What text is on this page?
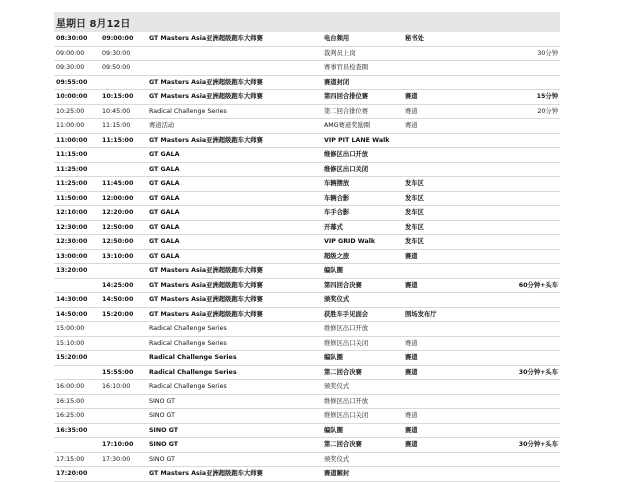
星期日 8月12日
08:30:00	09:00:00	GT Masters Asia亚洲超级跑车大师赛	电台频用	秘书处	
09:00:00	09:30:00		裁判员上岗		30分钟
09:30:00	09:50:00		赛事官员检查圈		
09:55:00		GT Masters Asia亚洲超级跑车大师赛	赛道封闭		
10:00:00	10:15:00	GT Masters Asia亚洲超级跑车大师赛	第四回合排位赛	赛道	15分钟
10:25:00	10:45:00	Radical Challenge Series	第二回合排位赛	赛道	20分钟
11:00:00	11:15:00	赛道活动	AMG赛道奖励圈	赛道	
11:00:00	11:15:00	GT Masters Asia亚洲超级跑车大师赛	VIP PIT LANE Walk		
11:15:00		GT GALA	维修区出口开放		
11:25:00		GT GALA	维修区出口关闭		
11:25:00	11:45:00	GT GALA	车辆摆放	发车区	
11:50:00	12:00:00	GT GALA	车辆合影	发车区	
12:10:00	12:20:00	GT GALA	车手合影	发车区	
12:30:00	12:50:00	GT GALA	开幕式	发车区	
12:30:00	12:50:00	GT GALA	VIP GRID Walk	发车区	
13:00:00	13:10:00	GT GALA	超级之旅	赛道	
13:20:00		GT Masters Asia亚洲超级跑车大师赛	编队圈		
	14:25:00	GT Masters Asia亚洲超级跑车大师赛	第四回合决赛	赛道	60分钟+头车
14:30:00	14:50:00	GT Masters Asia亚洲超级跑车大师赛	颁奖仪式		
14:50:00	15:20:00	GT Masters Asia亚洲超级跑车大师赛	获胜车手见面会	围场发布厅	
15:00:00		Radical Challenge Series	维修区出口开放		
15:10:00		Radical Challenge Series	维修区出口关闭	赛道	
15:20:00		Radical Challenge Series	编队圈	赛道	
	15:55:00	Radical Challenge Series	第二回合决赛	赛道	30分钟+头车
16:00:00	16:10:00	Radical Challenge Series	颁奖仪式		
16:15:00		SINO GT	维修区出口开放		
16:25:00		SINO GT	维修区出口关闭	赛道	
16:35:00		SINO GT	编队圈	赛道	
	17:10:00	SINO GT	第二回合决赛	赛道	30分钟+头车
17:15:00	17:30:00	SINO GT	颁奖仪式		
17:20:00		GT Masters Asia亚洲超级跑车大师赛	赛道解封		
